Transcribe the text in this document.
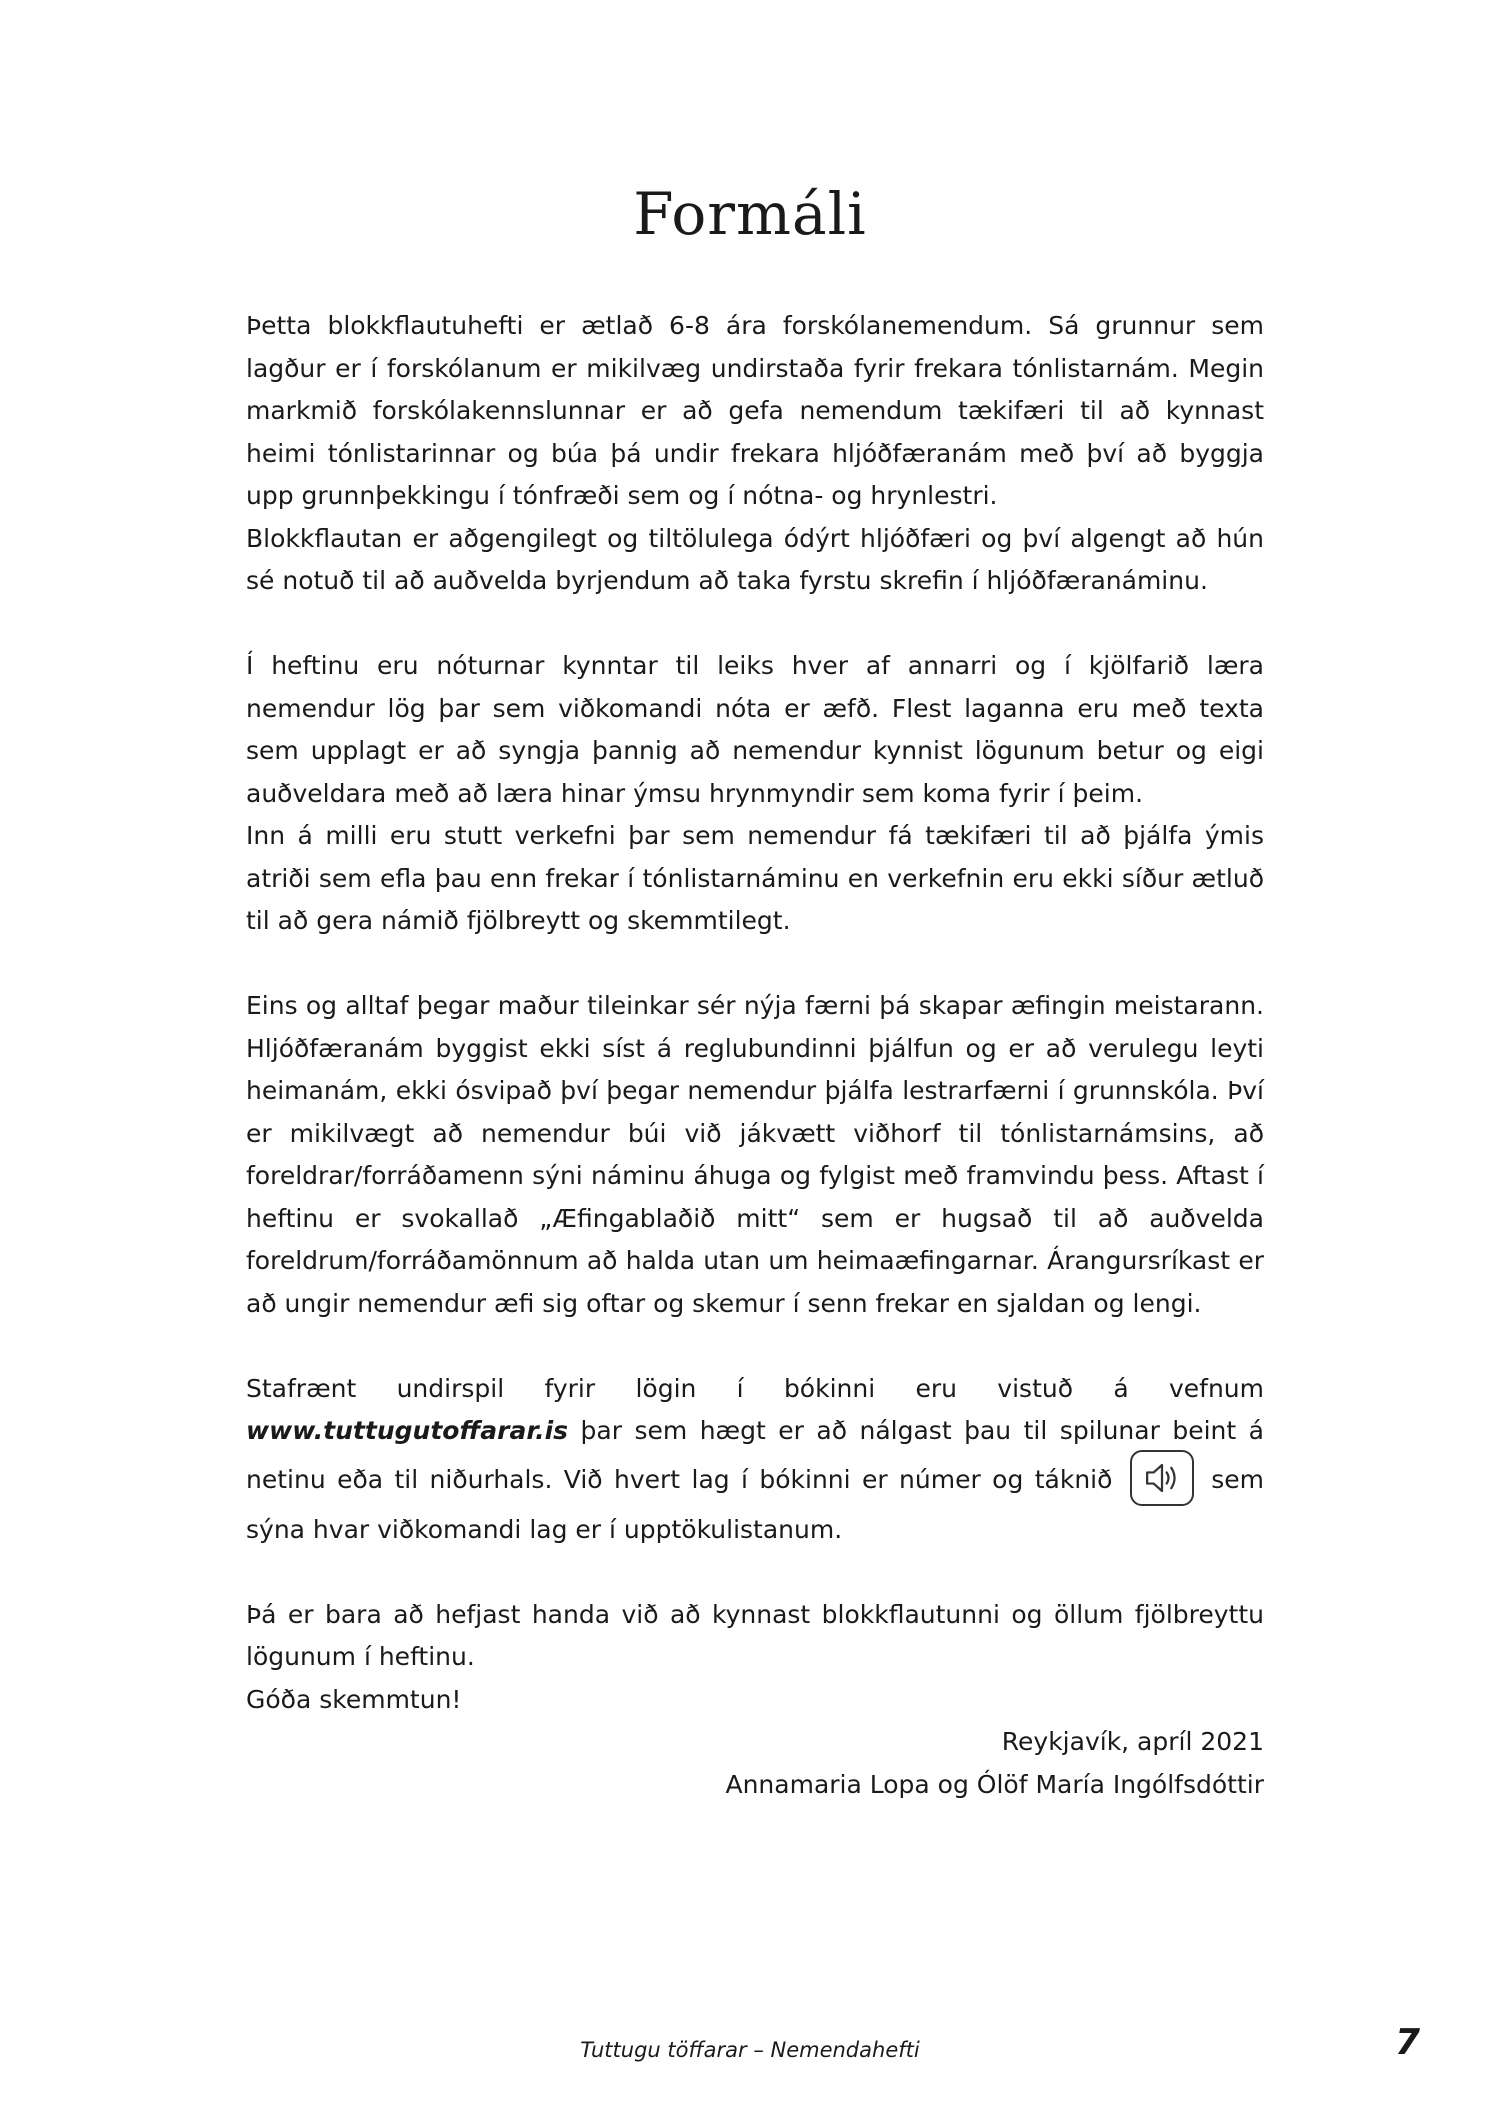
Formáli

Þetta blokkflautuhefti er ætlað 6-8 ára forskólanemendum. Sá grunnur sem lagður er í forskólanum er mikilvæg undirstaða fyrir frekara tónlistarnám. Megin markmið forskólakennslunnar er að gefa nemendum tækifæri til að kynnast heimi tónlistarinnar og búa þá undir frekara hljóðfæranám með því að byggja upp grunnþekkingu í tónfræði sem og í nótna- og hrynlestri.
Blokkflautan er aðgengilegt og tiltölulega ódýrt hljóðfæri og því algengt að hún sé notuð til að auðvelda byrjendum að taka fyrstu skrefin í hljóðfæranáminu.

Í heftinu eru nóturnar kynntar til leiks hver af annarri og í kjölfarið læra nemendur lög þar sem viðkomandi nóta er æfð. Flest laganna eru með texta sem upplagt er að syngja þannig að nemendur kynnist lögunum betur og eigi auðveldara með að læra hinar ýmsu hrynmyndir sem koma fyrir í þeim.
Inn á milli eru stutt verkefni þar sem nemendur fá tækifæri til að þjálfa ýmis atriði sem efla þau enn frekar í tónlistarnáminu en verkefnin eru ekki síður ætluð til að gera námið fjölbreytt og skemmtilegt.

Eins og alltaf þegar maður tileinkar sér nýja færni þá skapar æfingin meistarann. Hljóðfæranám byggist ekki síst á reglubundinni þjálfun og er að verulegu leyti heimanám, ekki ósvipað því þegar nemendur þjálfa lestrarfærni í grunnskóla. Því er mikilvægt að nemendur búi við jákvætt viðhorf til tónlistarnámsins, að foreldrar/forráðamenn sýni náminu áhuga og fylgist með framvindu þess. Aftast í heftinu er svokallað „Æfingablaðið mitt“ sem er hugsað til að auðvelda foreldrum/forráðamönnum að halda utan um heimaæfingarnar. Árangursríkast er að ungir nemendur æfi sig oftar og skemur í senn frekar en sjaldan og lengi.

Stafrænt undirspil fyrir lögin í bókinni eru vistuð á vefnum www.tuttugutoffarar.is þar sem hægt er að nálgast þau til spilunar beint á netinu eða til niðurhals. Við hvert lag í bókinni er númer og táknið	sem sýna hvar viðkomandi lag er í upptökulistanum.

Þá er bara að hefjast handa við að kynnast blokkflautunni og öllum fjölbreyttu lögunum í heftinu.
Góða skemmtun!

Reykjavík, apríl 2021
Annamaria Lopa og Ólöf María Ingólfsdóttir

Tuttugu töffarar – Nemendahefti	7
